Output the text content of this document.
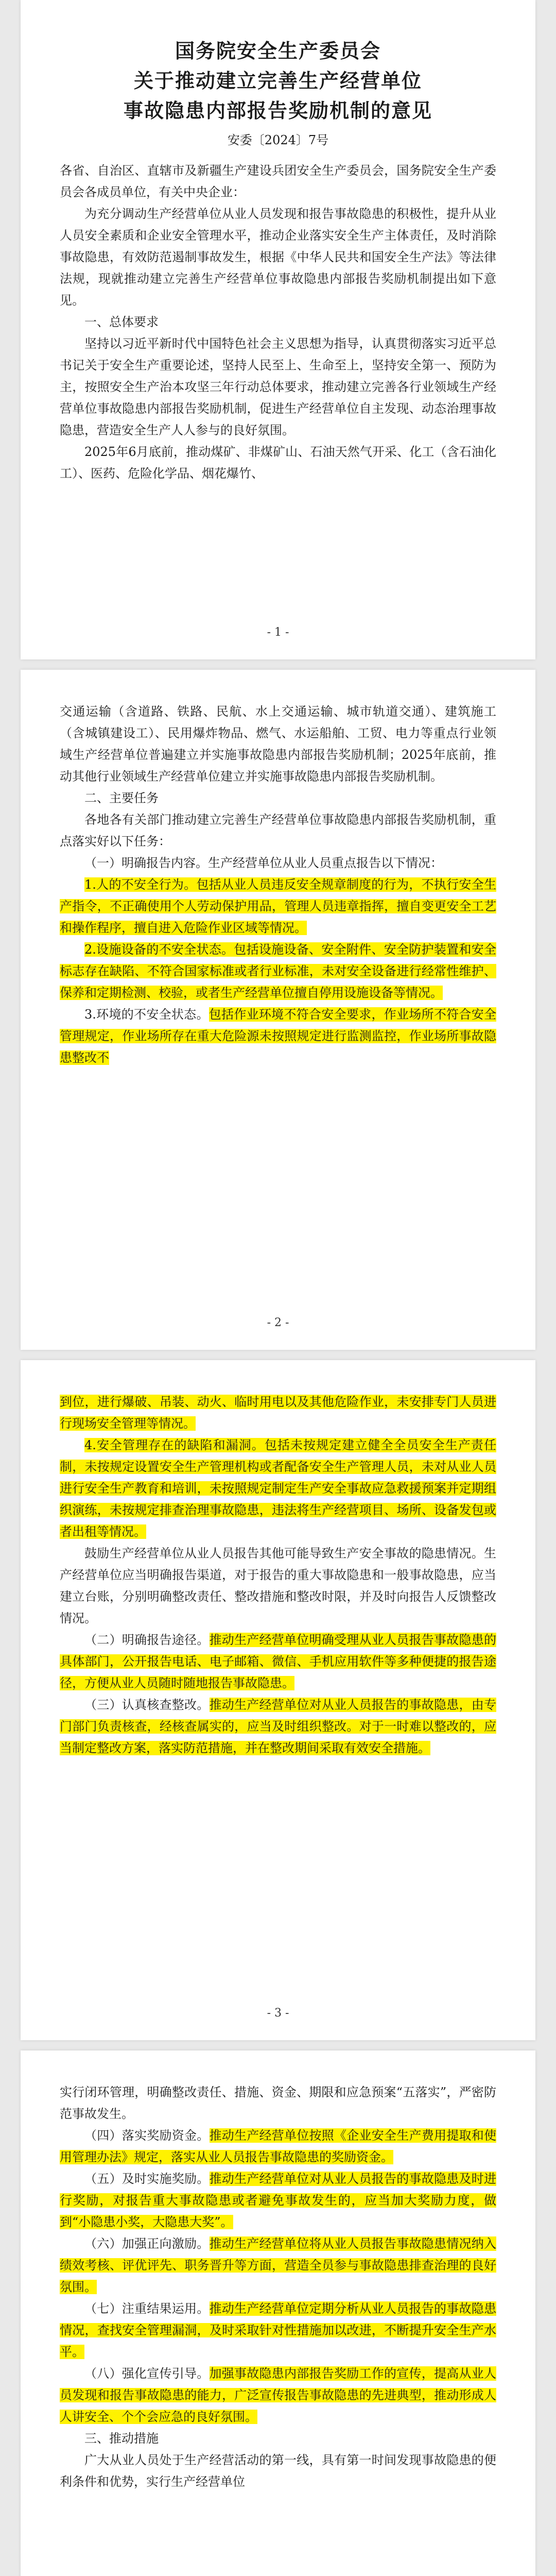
国务院安全生产委员会
关于推动建立完善生产经营单位
事故隐患内部报告奖励机制的意见
安委〔2024〕7号

各省、自治区、直辖市及新疆生产建设兵团安全生产委员会，国务院安全生产委员会各成员单位，有关中央企业：

为充分调动生产经营单位从业人员发现和报告事故隐患的积极性，提升从业人员安全素质和企业安全管理水平，推动企业落实安全生产主体责任，及时消除事故隐患，有效防范遏制事故发生，根据《中华人民共和国安全生产法》等法律法规，现就推动建立完善生产经营单位事故隐患内部报告奖励机制提出如下意见。

一、总体要求

坚持以习近平新时代中国特色社会主义思想为指导，认真贯彻落实习近平总书记关于安全生产重要论述，坚持人民至上、生命至上，坚持安全第一、预防为主，按照安全生产治本攻坚三年行动总体要求，推动建立完善各行业领域生产经营单位事故隐患内部报告奖励机制，促进生产经营单位自主发现、动态治理事故隐患，营造安全生产人人参与的良好氛围。

2025年6月底前，推动煤矿、非煤矿山、石油天然气开采、化工（含石油化工）、医药、危险化学品、烟花爆竹、

- 1 -

交通运输（含道路、铁路、民航、水上交通运输、城市轨道交通）、建筑施工（含城镇建设工）、民用爆炸物品、燃气、水运船舶、工贸、电力等重点行业领域生产经营单位普遍建立并实施事故隐患内部报告奖励机制；2025年底前，推动其他行业领域生产经营单位建立并实施事故隐患内部报告奖励机制。

二、主要任务

各地各有关部门推动建立完善生产经营单位事故隐患内部报告奖励机制，重点落实好以下任务：

（一）明确报告内容。生产经营单位从业人员重点报告以下情况：

1.人的不安全行为。包括从业人员违反安全规章制度的行为，不执行安全生产指令，不正确使用个人劳动保护用品，管理人员违章指挥，擅自变更安全工艺和操作程序，擅自进入危险作业区域等情况。

2.设施设备的不安全状态。包括设施设备、安全附件、安全防护装置和安全标志存在缺陷、不符合国家标准或者行业标准，未对安全设备进行经常性维护、保养和定期检测、校验，或者生产经营单位擅自停用设施设备等情况。

3.环境的不安全状态。包括作业环境不符合安全要求，作业场所不符合安全管理规定，作业场所存在重大危险源未按照规定进行监测监控，作业场所事故隐患整改不

- 2 -

到位，进行爆破、吊装、动火、临时用电以及其他危险作业，未安排专门人员进行现场安全管理等情况。

4.安全管理存在的缺陷和漏洞。包括未按规定建立健全全员安全生产责任制，未按规定设置安全生产管理机构或者配备安全生产管理人员，未对从业人员进行安全生产教育和培训，未按照规定制定生产安全事故应急救援预案并定期组织演练，未按规定排查治理事故隐患，违法将生产经营项目、场所、设备发包或者出租等情况。

鼓励生产经营单位从业人员报告其他可能导致生产安全事故的隐患情况。生产经营单位应当明确报告渠道，对于报告的重大事故隐患和一般事故隐患，应当建立台账，分别明确整改责任、整改措施和整改时限，并及时向报告人反馈整改情况。

（二）明确报告途径。推动生产经营单位明确受理从业人员报告事故隐患的具体部门，公开报告电话、电子邮箱、微信、手机应用软件等多种便捷的报告途径，方便从业人员随时随地报告事故隐患。

（三）认真核查整改。推动生产经营单位对从业人员报告的事故隐患，由专门部门负责核查，经核查属实的，应当及时组织整改。对于一时难以整改的，应当制定整改方案，落实防范措施，并在整改期间采取有效安全措施。

- 3 -

实行闭环管理，明确整改责任、措施、资金、期限和应急预案“五落实”，严密防范事故发生。

（四）落实奖励资金。推动生产经营单位按照《企业安全生产费用提取和使用管理办法》规定，落实从业人员报告事故隐患的奖励资金。

（五）及时实施奖励。推动生产经营单位对从业人员报告的事故隐患及时进行奖励，对报告重大事故隐患或者避免事故发生的，应当加大奖励力度，做到“小隐患小奖，大隐患大奖”。

（六）加强正向激励。推动生产经营单位将从业人员报告事故隐患情况纳入绩效考核、评优评先、职务晋升等方面，营造全员参与事故隐患排查治理的良好氛围。

（七）注重结果运用。推动生产经营单位定期分析从业人员报告的事故隐患情况，查找安全管理漏洞，及时采取针对性措施加以改进，不断提升安全生产水平。

（八）强化宣传引导。加强事故隐患内部报告奖励工作的宣传，提高从业人员发现和报告事故隐患的能力，广泛宣传报告事故隐患的先进典型，推动形成人人讲安全、个个会应急的良好氛围。

三、推动措施

广大从业人员处于生产经营活动的第一线，具有第一时间发现事故隐患的便利条件和优势，实行生产经营单位
